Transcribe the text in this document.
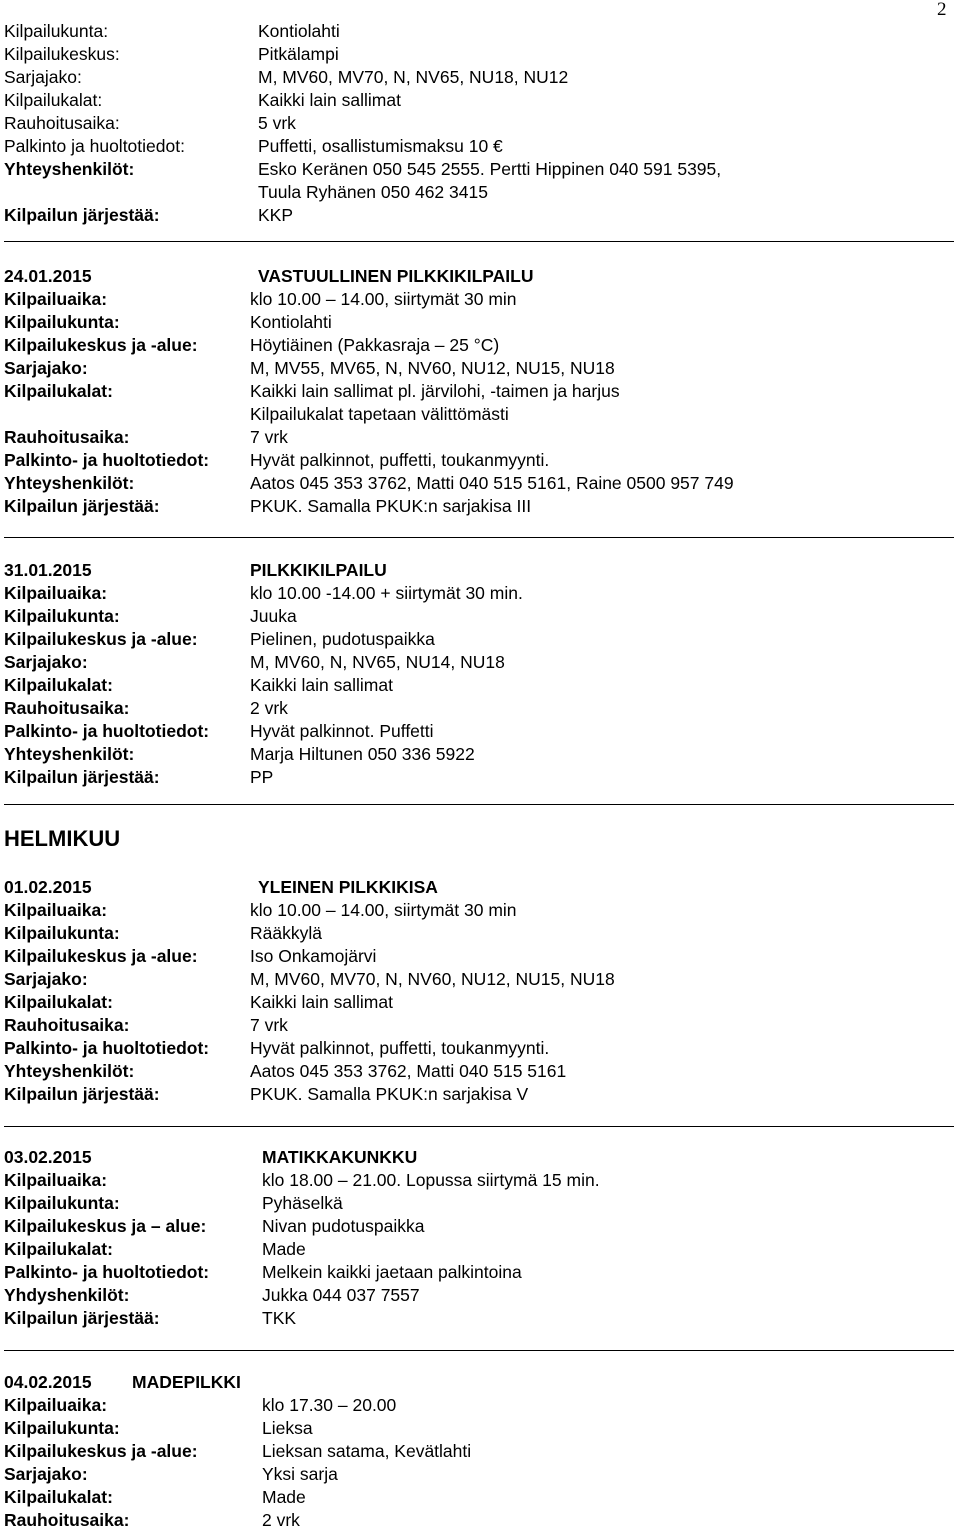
2
Kilpailukunta:	Kontiolahti
Kilpailukeskus:	Pitkälampi
Sarjajako:	M, MV60, MV70, N, NV65, NU18, NU12
Kilpailukalat:	Kaikki lain sallimat
Rauhoitusaika:	5 vrk
Palkinto ja huoltotiedot:	Puffetti, osallistumismaksu 10 €
Yhteyshenkilöt:	Esko Keränen 050 545 2555. Pertti Hippinen 040 591 5395,
Tuula Ryhänen 050 462 3415
Kilpailun järjestää:	KKP
24.01.2015	VASTUULLINEN PILKKIKILPAILU
Kilpailuaika:	klo 10.00 – 14.00, siirtymät 30 min
Kilpailukunta:	Kontiolahti
Kilpailukeskus ja -alue:	Höytiäinen (Pakkasraja – 25 °C)
Sarjajako:	M, MV55, MV65, N, NV60, NU12, NU15, NU18
Kilpailukalat:	Kaikki lain sallimat pl. järvilohi, -taimen ja harjus
Kilpailukalat tapetaan välittömästi
Rauhoitusaika:	7 vrk
Palkinto- ja huoltotiedot: Hyvät palkinnot, puffetti, toukanmyynti.
Yhteyshenkilöt:	Aatos 045 353 3762, Matti 040 515 5161, Raine 0500 957 749
Kilpailun järjestää:	PKUK. Samalla PKUK:n sarjakisa III
31.01.2015	PILKKIKILPAILU
Kilpailuaika:	klo 10.00 -14.00 + siirtymät 30 min.
Kilpailukunta:	Juuka
Kilpailukeskus ja -alue:	Pielinen, pudotuspaikka
Sarjajako:	M, MV60, N, NV65, NU14, NU18
Kilpailukalat:	Kaikki lain sallimat
Rauhoitusaika:	2 vrk
Palkinto- ja huoltotiedot: Hyvät palkinnot. Puffetti
Yhteyshenkilöt:	Marja Hiltunen 050 336 5922
Kilpailun järjestää:	PP
HELMIKUU
01.02.2015	YLEINEN PILKKIKISA
Kilpailuaika:	klo 10.00 – 14.00, siirtymät 30 min
Kilpailukunta:	Rääkkylä
Kilpailukeskus ja -alue:	Iso Onkamojärvi
Sarjajako:	M, MV60, MV70, N, NV60, NU12, NU15, NU18
Kilpailukalat:	Kaikki lain sallimat
Rauhoitusaika:	7 vrk
Palkinto- ja huoltotiedot: Hyvät palkinnot, puffetti, toukanmyynti.
Yhteyshenkilöt:	Aatos 045 353 3762, Matti 040 515 5161
Kilpailun järjestää:	PKUK. Samalla PKUK:n sarjakisa V
03.02.2015	MATIKKAKUNKKU
Kilpailuaika:	klo 18.00 – 21.00. Lopussa siirtymä 15 min.
Kilpailukunta:	Pyhäselkä
Kilpailukeskus ja – alue:	Nivan pudotuspaikka
Kilpailukalat:	Made
Palkinto- ja huoltotiedot:	Melkein kaikki jaetaan palkintoina
Yhdyshenkilöt:	Jukka 044 037 7557
Kilpailun järjestää:	TKK
04.02.2015 MADEPILKKI
Kilpailuaika:	klo 17.30 – 20.00
Kilpailukunta:	Lieksa
Kilpailukeskus ja -alue:	Lieksan satama, Kevätlahti
Sarjajako:	Yksi sarja
Kilpailukalat:	Made
Rauhoitusaika:	2 vrk
